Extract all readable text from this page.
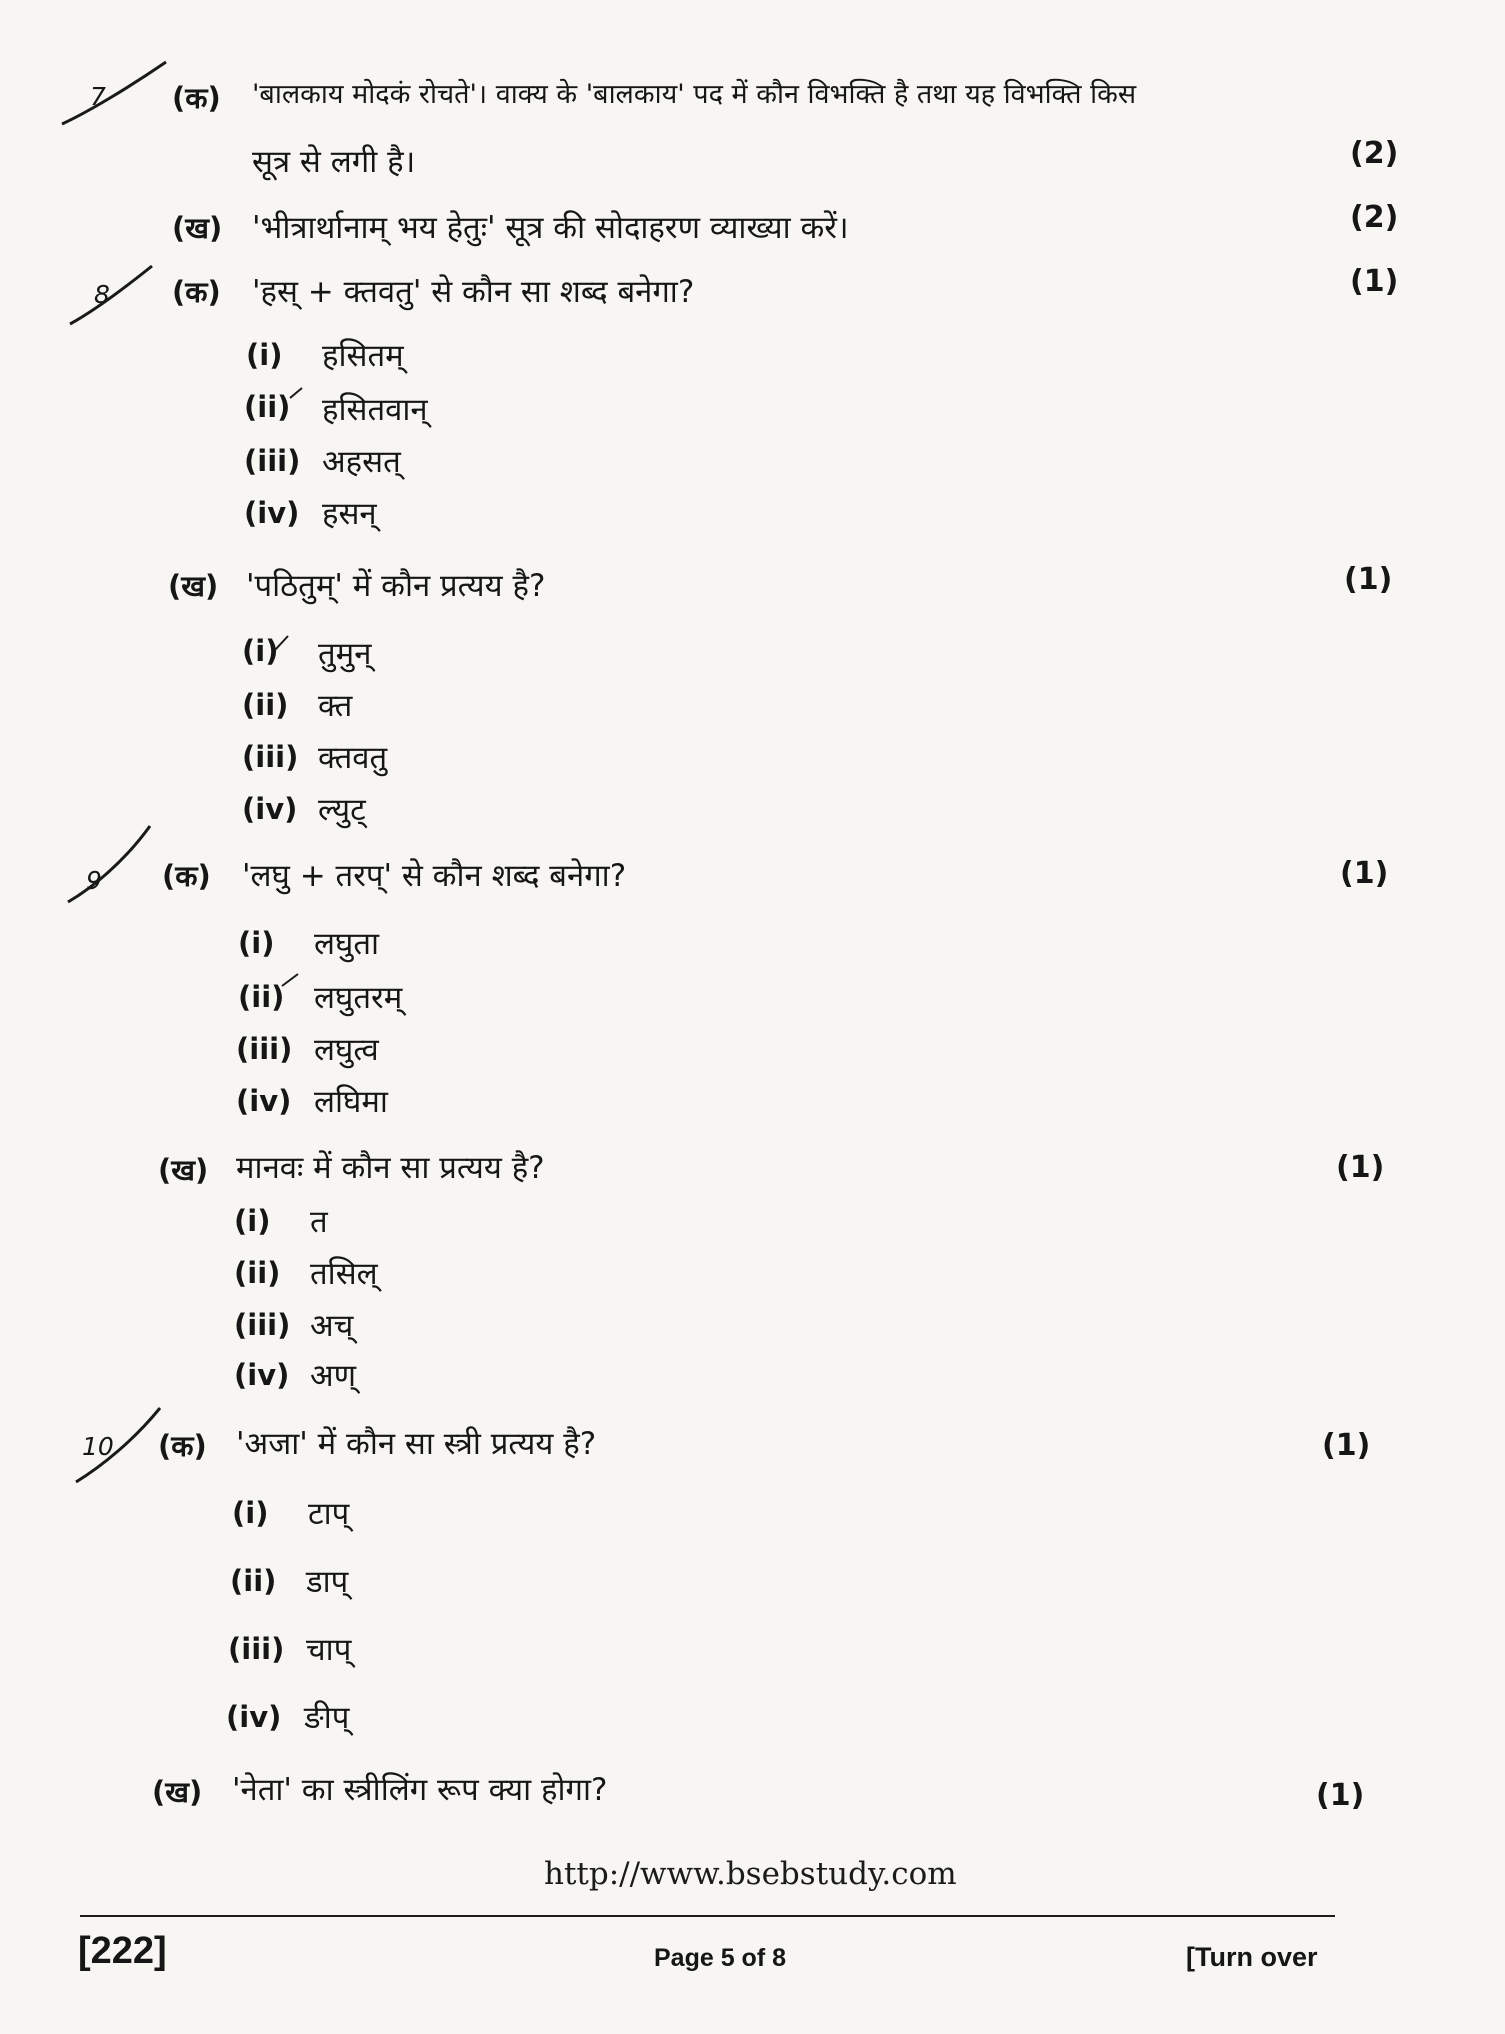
7 (क) 'बालकाय मोदकं रोचते'। वाक्य के 'बालकाय' पद में कौन विभक्ति है तथा यह विभक्ति किस
सूत्र से लगी है।	(2)
(ख) 'भीत्रार्थानाम् भय हेतुः' सूत्र की सोदाहरण व्याख्या करें।	(2)
8 (क) 'हस् + क्तवतु' से कौन सा शब्द बनेगा?	(1)
(i) हसितम्
(ii) हसितवान्
(iii) अहसत्
(iv) हसन्
(ख) 'पठितुम्' में कौन प्रत्यय है?	(1)
(i) तुमुन्
(ii) क्त
(iii) क्तवतु
(iv) ल्युट्
9 (क) 'लघु + तरप्' से कौन शब्द बनेगा?	(1)
(i) लघुता
(ii) लघुतरम्
(iii) लघुत्व
(iv) लघिमा
(ख) मानवः में कौन सा प्रत्यय है?	(1)
(i) त
(ii) तसिल्
(iii) अच्
(iv) अण्
10 (क) 'अजा' में कौन सा स्त्री प्रत्यय है?	(1)
(i) टाप्
(ii) डाप्
(iii) चाप्
(iv) ङीप्
(ख) 'नेता' का स्त्रीलिंग रूप क्या होगा?	(1)
http://www.bsebstudy.com
[222]	Page 5 of 8	[Turn over
